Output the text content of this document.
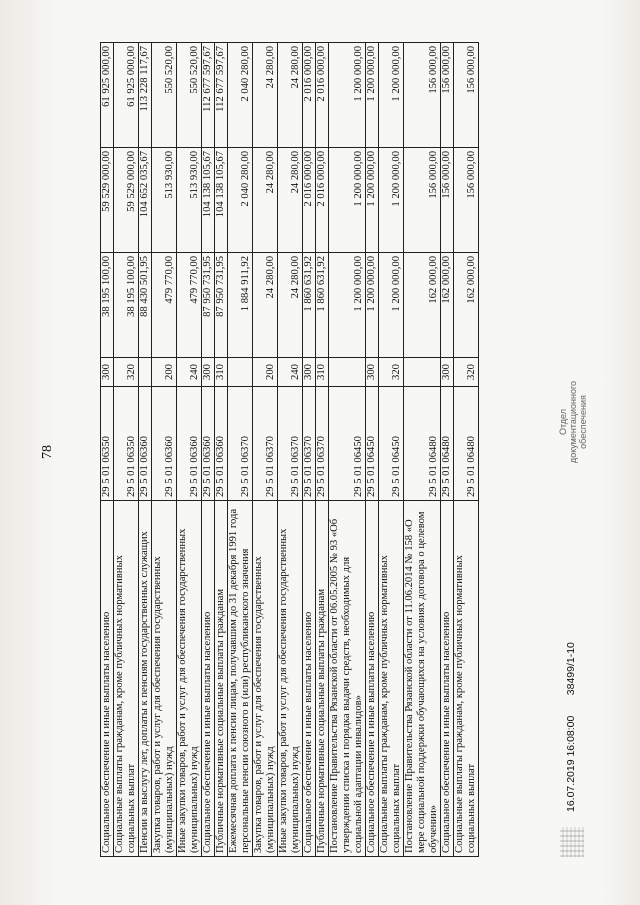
78
Социальное обеспечение и иные выплаты населению	29 5 01 06350	300	38 195 100,00	59 529 000,00	61 925 000,00
Социальные выплаты гражданам, кроме публичных нормативных социальных выплат	29 5 01 06350	320	38 195 100,00	59 529 000,00	61 925 000,00
Пенсии за выслугу лет, доплаты к пенсиям государственных служащих	29 5 01 06360		88 430 501,95	104 652 035,67	113 228 117,67
Закупка товаров, работ и услуг для обеспечения государственных (муниципальных) нужд	29 5 01 06360	200	479 770,00	513 930,00	550 520,00
Иные закупки товаров, работ и услуг для обеспечения государственных (муниципальных) нужд	29 5 01 06360	240	479 770,00	513 930,00	550 520,00
Социальное обеспечение и иные выплаты населению	29 5 01 06360	300	87 950 731,95	104 138 105,67	112 677 597,67
Публичные нормативные социальные выплаты гражданам	29 5 01 06360	310	87 950 731,95	104 138 105,67	112 677 597,67
Ежемесячная доплата к пенсии лицам, получавшим до 31 декабря 1991 года персональные пенсии союзного в (или) республиканского значения	29 5 01 06370		1 884 911,92	2 040 280,00	2 040 280,00
Закупка товаров, работ и услуг для обеспечения государственных (муниципальных) нужд	29 5 01 06370	200	24 280,00	24 280,00	24 280,00
Иные закупки товаров, работ и услуг для обеспечения государственных (муниципальных) нужд	29 5 01 06370	240	24 280,00	24 280,00	24 280,00
Социальное обеспечение и иные выплаты населению	29 5 01 06370	300	1 860 631,92	2 016 000,00	2 016 000,00
Публичные нормативные социальные выплаты гражданам	29 5 01 06370	310	1 860 631,92	2 016 000,00	2 016 000,00
Постановление Правительства Рязанской области от 06.05.2005 № 93 «Об утверждении списка и порядка выдачи средств, необходимых для социальной адаптации инвалидов»	29 5 01 06450		1 200 000,00	1 200 000,00	1 200 000,00
Социальное обеспечение и иные выплаты населению	29 5 01 06450	300	1 200 000,00	1 200 000,00	1 200 000,00
Социальные выплаты гражданам, кроме публичных нормативных социальных выплат	29 5 01 06450	320	1 200 000,00	1 200 000,00	1 200 000,00
Постановление Правительства Рязанской области от 11.06.2014 № 158 «О мере социальной поддержки обучающихся на условиях договора о целевом обучении»	29 5 01 06480		162 000,00	156 000,00	156 000,00
Социальное обеспечение и иные выплаты населению	29 5 01 06480	300	162 000,00	156 000,00	156 000,00
Социальные выплаты гражданам, кроме публичных нормативных социальных выплат	29 5 01 06480	320	162 000,00	156 000,00	156 000,00
16.07.2019 16:08:00       38499/1-10
Отдел документационного обеспечения
